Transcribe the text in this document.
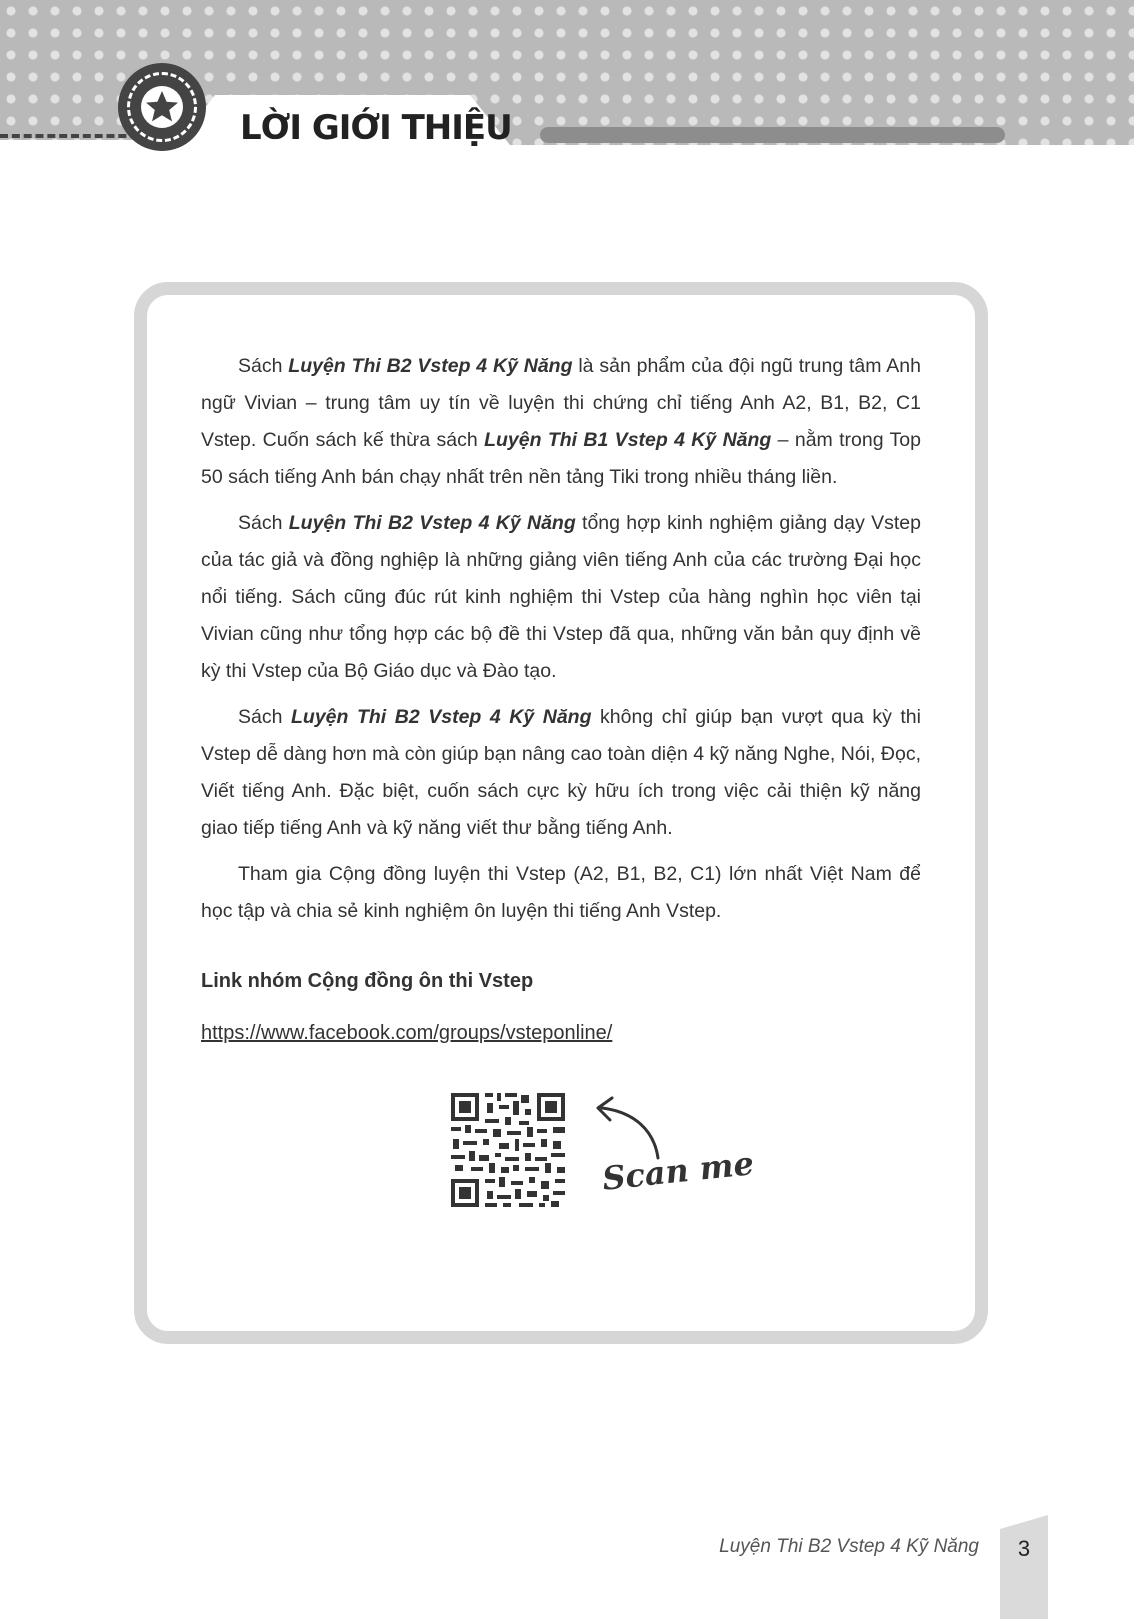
LỜI GIỚI THIỆU

Sách Luyện Thi B2 Vstep 4 Kỹ Năng là sản phẩm của đội ngũ trung tâm Anh ngữ Vivian – trung tâm uy tín về luyện thi chứng chỉ tiếng Anh A2, B1, B2, C1 Vstep. Cuốn sách kế thừa sách Luyện Thi B1 Vstep 4 Kỹ Năng – nằm trong Top 50 sách tiếng Anh bán chạy nhất trên nền tảng Tiki trong nhiều tháng liền.

Sách Luyện Thi B2 Vstep 4 Kỹ Năng tổng hợp kinh nghiệm giảng dạy Vstep của tác giả và đồng nghiệp là những giảng viên tiếng Anh của các trường Đại học nổi tiếng. Sách cũng đúc rút kinh nghiệm thi Vstep của hàng nghìn học viên tại Vivian cũng như tổng hợp các bộ đề thi Vstep đã qua, những văn bản quy định về kỳ thi Vstep của Bộ Giáo dục và Đào tạo.

Sách Luyện Thi B2 Vstep 4 Kỹ Năng không chỉ giúp bạn vượt qua kỳ thi Vstep dễ dàng hơn mà còn giúp bạn nâng cao toàn diện 4 kỹ năng Nghe, Nói, Đọc, Viết tiếng Anh. Đặc biệt, cuốn sách cực kỳ hữu ích trong việc cải thiện kỹ năng giao tiếp tiếng Anh và kỹ năng viết thư bằng tiếng Anh.

Tham gia Cộng đồng luyện thi Vstep (A2, B1, B2, C1) lớn nhất Việt Nam để học tập và chia sẻ kinh nghiệm ôn luyện thi tiếng Anh Vstep.

Link nhóm Cộng đồng ôn thi Vstep
https://www.facebook.com/groups/vsteponline/
Scan me
Luyện Thi B2 Vstep 4 Kỹ Năng	3
